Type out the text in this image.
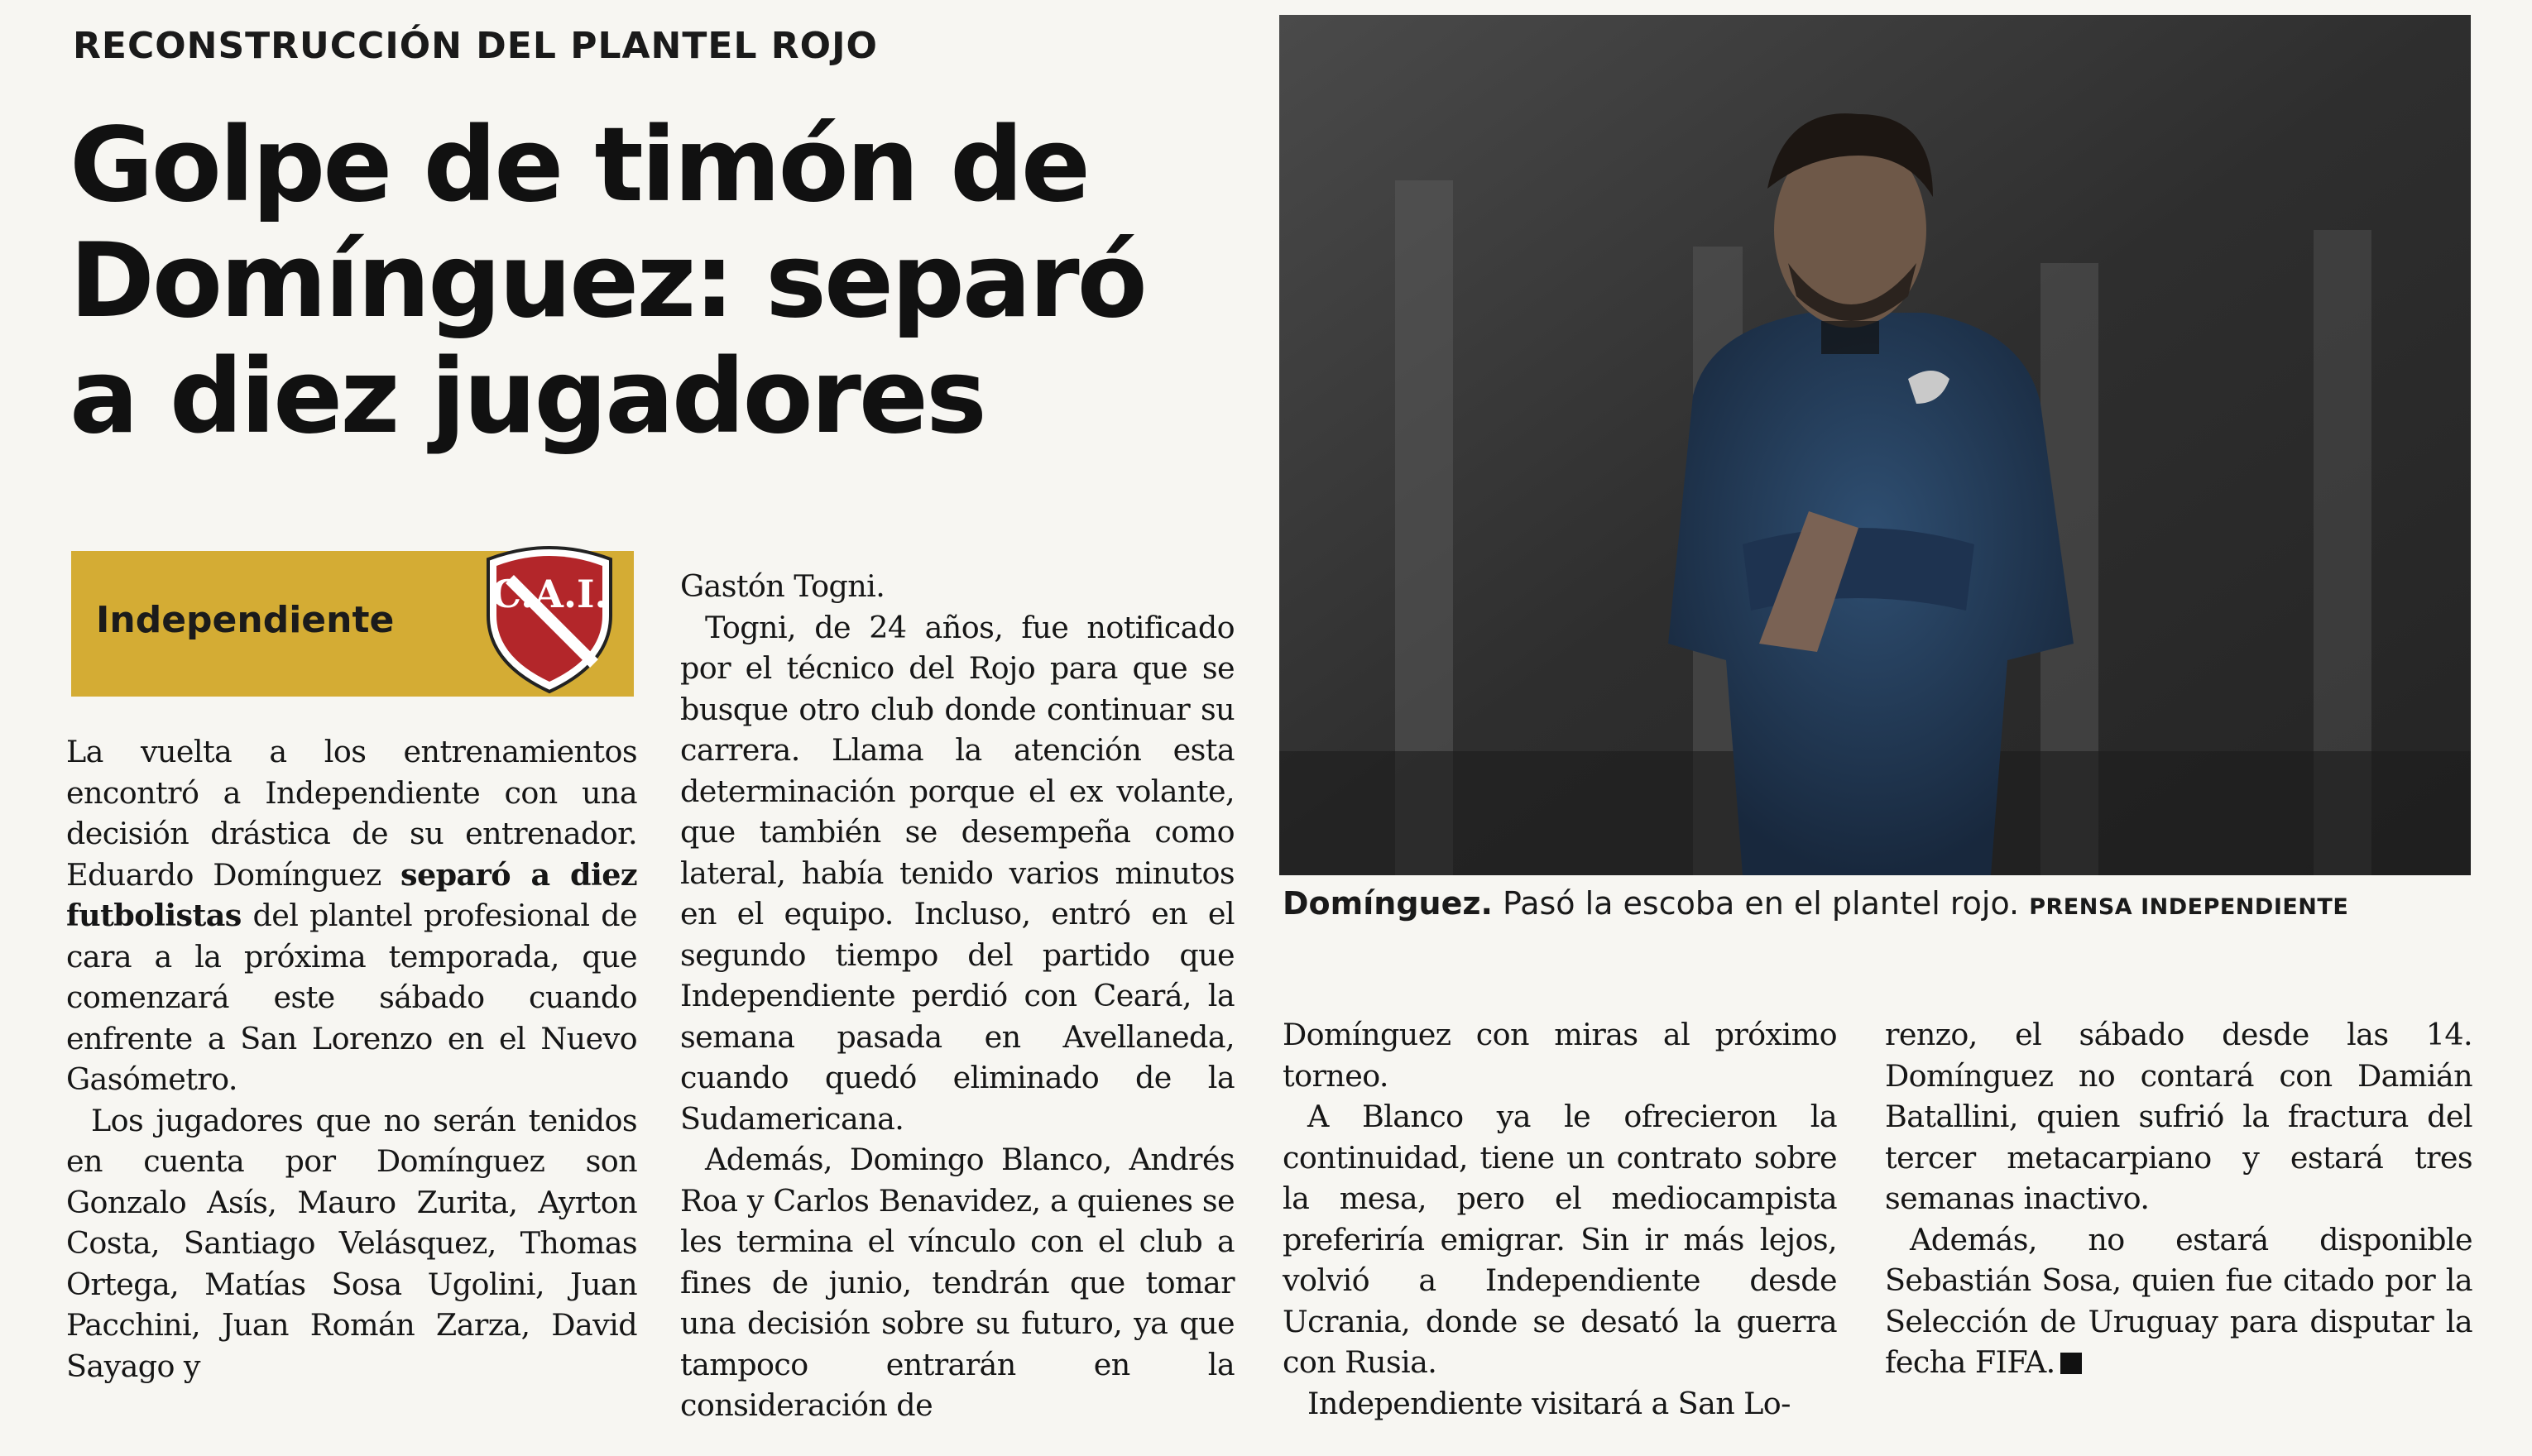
RECONSTRUCCIÓN DEL PLANTEL ROJO
Golpe de timón de Domínguez: separó a diez jugadores
Independiente
C.A.I.

La vuelta a los entrenamientos encontró a Independiente con una decisión drástica de su entrenador. Eduardo Domínguez separó a diez futbolistas del plantel profesional de cara a la próxima temporada, que comenzará este sábado cuando enfrente a San Lorenzo en el Nuevo Gasómetro.

Los jugadores que no serán tenidos en cuenta por Domínguez son Gonzalo Asís, Mauro Zurita, Ayrton Costa, Santiago Velásquez, Thomas Ortega, Matías Sosa Ugolini, Juan Pacchini, Juan Román Zarza, David Sayago y

Gastón Togni.

Togni, de 24 años, fue notificado por el técnico del Rojo para que se busque otro club donde continuar su carrera. Llama la atención esta determinación porque el ex volante, que también se desempeña como lateral, había tenido varios minutos en el equipo. Incluso, entró en el segundo tiempo del partido que Independiente perdió con Ceará, la semana pasada en Avellaneda, cuando quedó eliminado de la Sudamericana.

Además, Domingo Blanco, Andrés Roa y Carlos Benavidez, a quienes se les termina el vínculo con el club a fines de junio, tendrán que tomar una decisión sobre su futuro, ya que tampoco entrarán en la consideración de

Domínguez. Pasó la escoba en el plantel rojo. PRENSA INDEPENDIENTE

Domínguez con miras al próximo torneo.

A Blanco ya le ofrecieron la continuidad, tiene un contrato sobre la mesa, pero el mediocampista preferiría emigrar. Sin ir más lejos, volvió a Independiente desde Ucrania, donde se desató la guerra con Rusia.

Independiente visitará a San Lo-

renzo, el sábado desde las 14. Domínguez no contará con Damián Batallini, quien sufrió la fractura del tercer metacarpiano y estará tres semanas inactivo.

Además, no estará disponible Sebastián Sosa, quien fue citado por la Selección de Uruguay para disputar la fecha FIFA.
